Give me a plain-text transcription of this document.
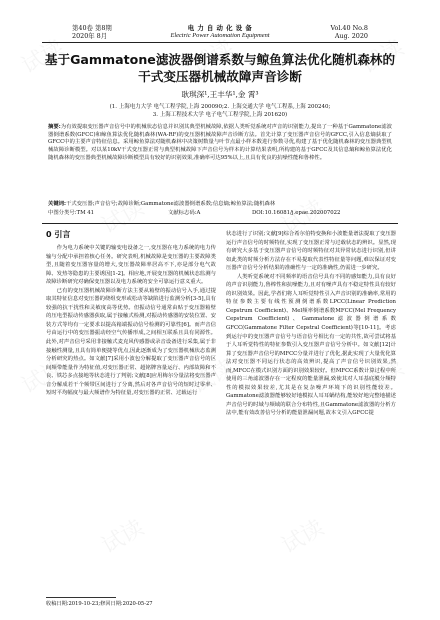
第40卷 第8期
2020年 8月
电 力 自 动 化 设 备
Electric Power Automation Equipment
Vol.40 No.8
Aug. 2020
基于Gammatone滤波器倒谱系数与鲸鱼算法优化随机森林的
干式变压器机械故障声音诊断
耿琪深¹,王丰华¹,金 霄³
(1. 上海电力大学 电气工程学院,上海 200090;2. 上海交通大学 电气工程系,上海 200240;
3. 上海工程技术大学 电子电气工程学院,上海 201620)
摘要:为有效提取变压器声音信号中的机械状态信息并识别其典型机械故障,依据人类听觉系统对声音的识别能力,提出了一种基于Gammatone滤波器倒谱系数(GFCC)和鲸鱼算法优化随机森林(WA-RF)的变压器机械故障声音诊断方法。首先计算了变压器声音信号的GFCC,引入信息熵获取了GFCC中的主要声音特征信息。采用鲸鱼算法对随机森林中决策树数量与叶节点最小样本数进行参数寻优,构建了基于优化随机森林的变压器典型机械故障诊断模型。对以某10kV干式变压器正常与典型机械故障下声音信号为样本的计算结果表明,所构建的基于GFCC及其信息熵和鲸鱼算法优化随机森林的变压器典型机械故障诊断模型具有较好的识别效果,准确率可达95%以上,且具有优良的抗噪性能和鲁棒性。
关键词:干式变压器;声音信号;故障诊断;Gammatone滤波器倒谱系数;信息熵;鲸鱼算法;随机森林
中图分类号:TM 41	文献标志码:A	DOI:10.16081/j.epae.202007022
0 引言

作为电力系统中关键的输变电设备之一,变压器在电力系统的电力传输与分配中承担着核心任务。研究表明,机械故障是变压器的主要故障类型,且随着变压器容量的增大,变压器故障率居高不下,亦是部分电气故障、发热等隐患的主要诱因[1-2]。相应地,开展变压器的机械状态监测与故障诊断研究对确保变压器以及电力系统的安全可靠运行意义重大。

已有的变压器机械故障诊断方法主要从箱壁的振动信号入手,通过提取其特征信息对变压器的绕组变形或松动等缺陷进行监测分析[3-5],具有较强的抗干扰性和灵敏度高等优势。但振动信号通常由贴于变压器箱壁的压电型振动传感器获取,属于接触式检测,对振动传感器的安装位置、安装方式等均有一定要求以提高箱端振动信号检测的可靠性[6]。而声音信号由运行中的变压器振动经空气传播形成,之间相互联系且具有同源性。此外,对声音信号采用非接触式麦克风传感器或录音设备进行采集,属于非接触性测量,且具有简单便捷等优点,因此逐渐成为了变压器机械状态监测分析研究的热点。如文献[7]采用小波包分解提取了变压器声音信号的区间频带能量作为特征值,对变压器正常、超铭牌容量运行、内部故障和不良、铁芯多点接地等状态进行了判别;文献[8]应用梅尔分量法将变压器声音分解成若干个频带区间进行了分离,然后对各声音信号的短时过零率、短时平均幅度与最大频谱作为特征量,对变压器的正常、过载运行

状态进行了识别;文献[9]综合希尔伯特变换和小波能量谱法提取了变压器运行声音信号的时频特征,实现了变压器正常与过载状态的辨识。显然,现有研究大多基于变压器声音信号的时频特征对其异常状态进行识别,但讲如此类的时频分析方法存在不易提取代表性特征量等问题,难以保证对变压器声音信号分析结果的准确性与一定的准确性,仍需进一步研究。

人类听觉系统对不同频率的语音信号具有不同的感知能力,具有良好的声音识别能力,鲁棒性和抗噪能力,且对有噪声具有不稳定特性具有较好的识别效果。因此,学者们将人耳听觉特性引入声音识别的准确率,常用的特征参数主要有线性预测倒谱系数LPCC(Linear Prediction Cepstrum Coefficient)、Mel频率倒谱系数MFCC(Mel Frequency Cepstrum Coefficient)、Gammatone滤波器倒谱系数GFCC(Gammatone Filter Cepstral Coefficient)等[10-11]。考虑到运行中的变压器声音信号与语音信号相比有一定的共性,故可尝试将基于人耳听觉特性的特征参数引入变压器声音信号分析中。如文献[12]计算了变压器声音信号的MFCC分量并进行了优化,据此实现了大量优化算法对变压器不同运行状态的高效辨识,提高了声音信号识别效果,然而,MFCC在模式识别方面的识别效果较好。但MFCC系数计算过程中所使用的三角滤波器存在一定程度的能量泄漏,致使其对人耳基底膜分频特性的模拟效果较差,尤其是在复杂噪声环境下的识别性能较差。Gammatone滤波器能够较好地模拟人耳耳蜗结构,能较好地完整地描述声音信号的时域与频域的联合分布特性,且Gammatone滤波器的分析方法中,能有效改善信号分析的能量泄漏问题,故本文引入GFCC提

收稿日期:2019-10-23;修回日期:2020-05-27
